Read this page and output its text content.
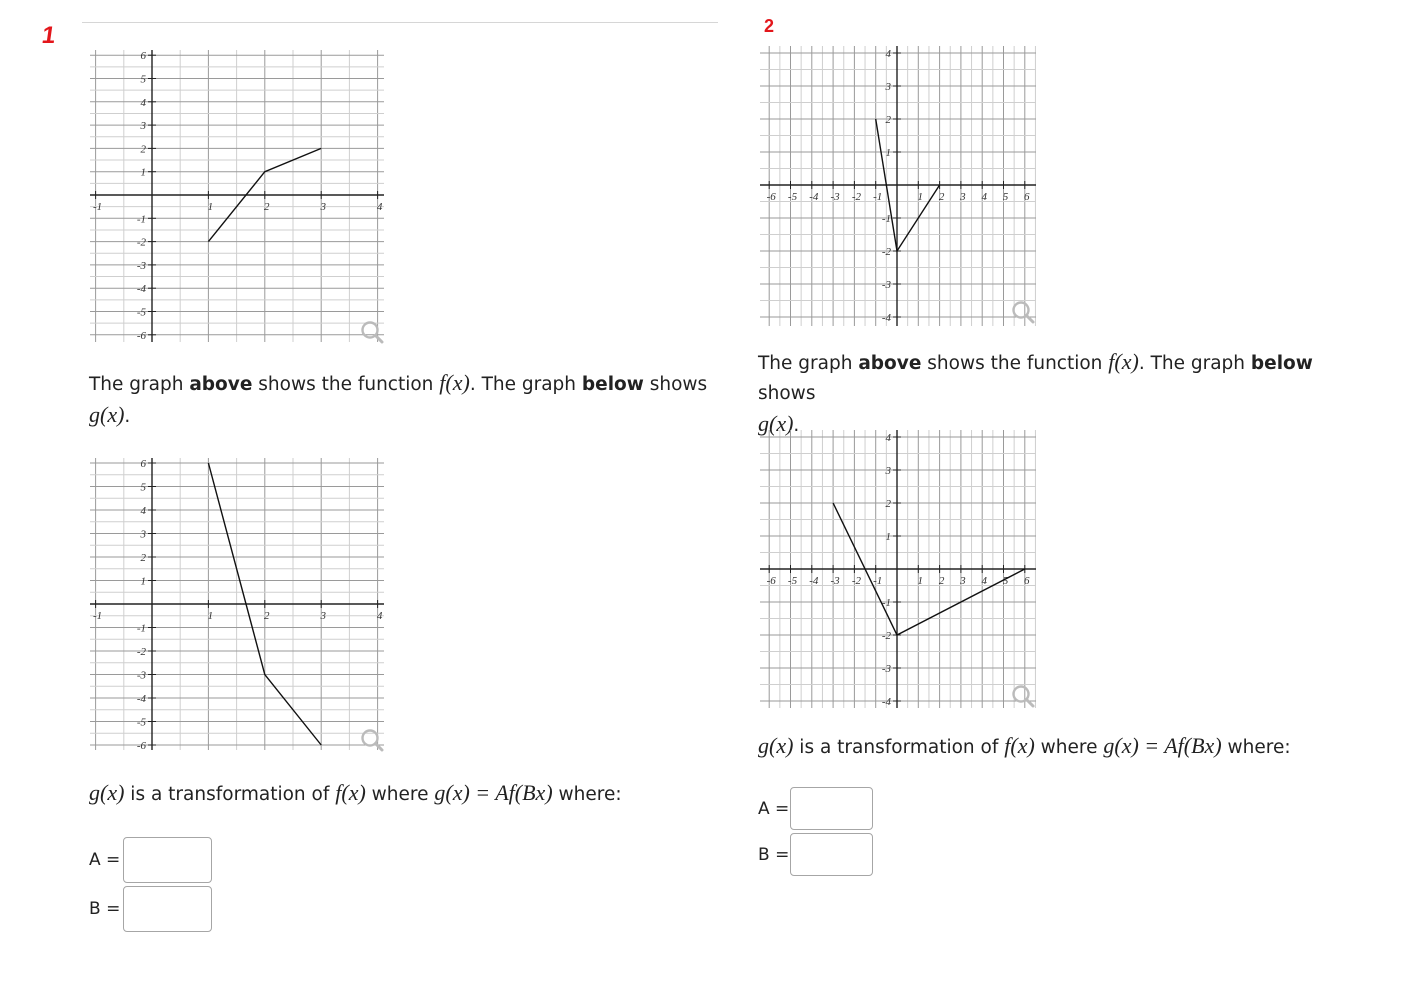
1
-1	1	2	3	4
6
5
4
3
2
1
-1
-2
-3
-4
-5
-6
The graph above shows the function f(x). The graph below shows
g(x).
-1	1	2	3	4
6
5
4
3
2
1
-1
-2
-3
-4
-5
-6
g(x) is a transformation of f(x) where g(x) = Af(Bx) where:
A =
B =
2
-6 -5 -4 -3 -2 -1	1 2 3 4 5 6
4
3
2
1
-1
-2
-3
-4
The graph above shows the function f(x). The graph below shows
g(x).
-6 -5 -4 -3 -2 -1	1 2 3 4 5 6
4
3
2
1
-1
-2
-3
-4
g(x) is a transformation of f(x) where g(x) = Af(Bx) where:
A =
B =
